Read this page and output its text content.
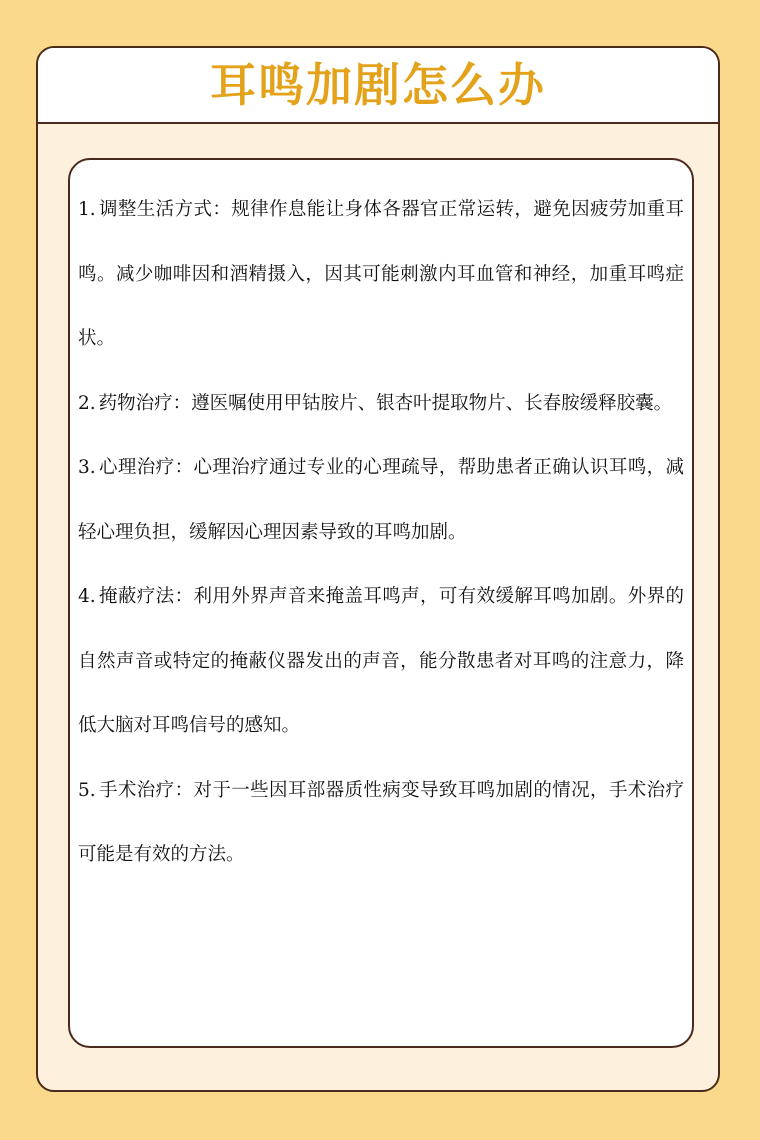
耳鸣加剧怎么办

1. 调整生活方式：规律作息能让身体各器官正常运转，避免因疲劳加重耳鸣。减少咖啡因和酒精摄入，因其可能刺激内耳血管和神经，加重耳鸣症状。

2. 药物治疗：遵医嘱使用甲钴胺片、银杏叶提取物片、长春胺缓释胶囊。

3. 心理治疗：心理治疗通过专业的心理疏导，帮助患者正确认识耳鸣，减轻心理负担，缓解因心理因素导致的耳鸣加剧。

4. 掩蔽疗法：利用外界声音来掩盖耳鸣声，可有效缓解耳鸣加剧。外界的自然声音或特定的掩蔽仪器发出的声音，能分散患者对耳鸣的注意力，降低大脑对耳鸣信号的感知。

5. 手术治疗：对于一些因耳部器质性病变导致耳鸣加剧的情况，手术治疗可能是有效的方法。
